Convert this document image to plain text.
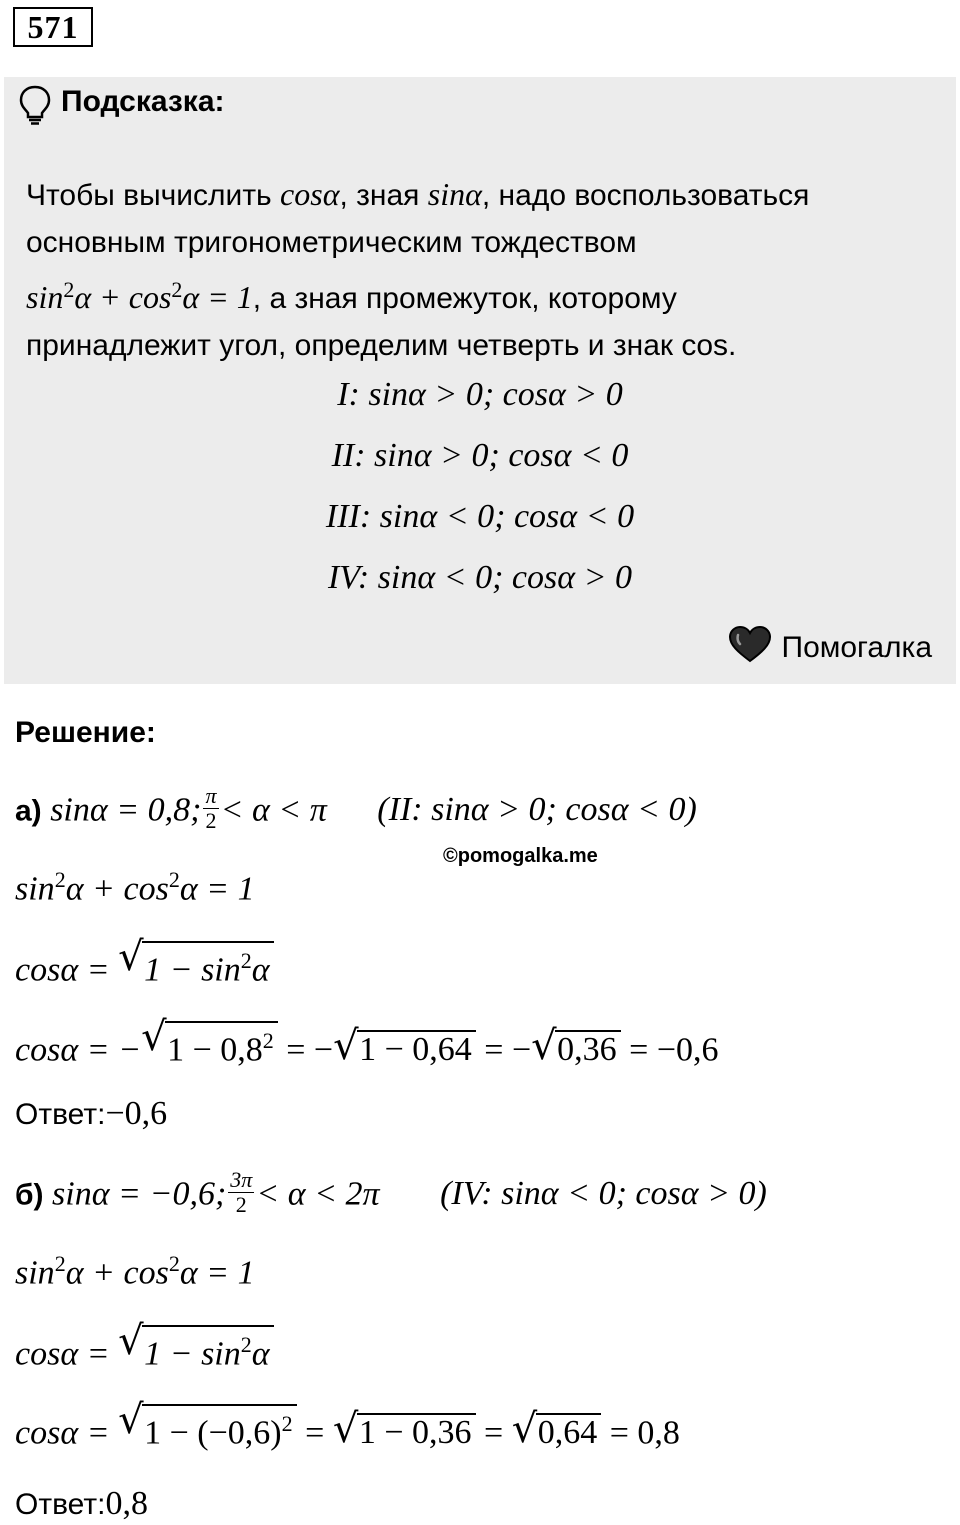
571
Подсказка:

Чтобы вычислить cosα, зная sinα, надо воспользоваться

основным тригонометрическим тождеством

$\sin^2\alpha + \cos^2\alpha = 1$, а зная промежуток, которому

принадлежит угол, определим четверть и знак cos.

I: sinα > 0; cosα > 0
II: sinα > 0; cosα < 0
III: sinα < 0; cosα < 0
IV: sinα < 0; cosα > 0
Помогалка
Решение:
©pomogalka.me
а) sinα = 0,8; $\frac{\pi}{2} < \alpha < \pi$ (II: sinα > 0; cosα < 0)
$\sin^2\alpha + \cos^2\alpha = 1$
cosα = √ $1 - \sin^2\alpha$
cosα = − √ $1 - 0,8^2$ = − √ 1 − 0,64 = − √ 0,36 = −0,6
Ответ:−0,6
б) sinα = −0,6; $\frac{3\pi}{2} < \alpha < 2\pi$ (IV: sinα < 0; cosα > 0)
$\sin^2\alpha + \cos^2\alpha = 1$
cosα = √ $1 - \sin^2\alpha$
cosα = √ $1 - (-0,6)^2$ = √ 1 − 0,36 = √ 0,64 = 0,8
Ответ:0,8
